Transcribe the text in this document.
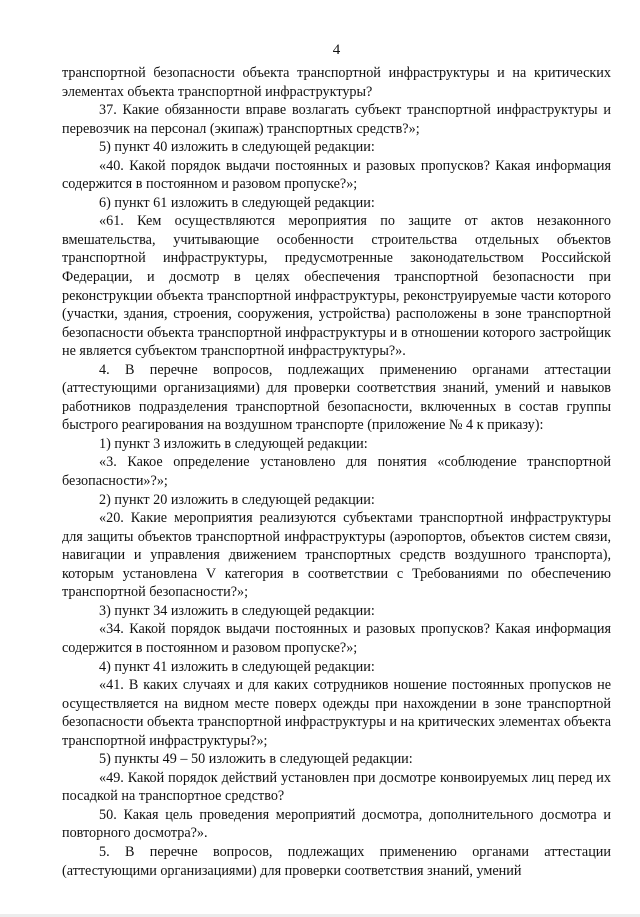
4

транспортной безопасности объекта транспортной инфраструктуры и на критических элементах объекта транспортной инфраструктуры?

37. Какие обязанности вправе возлагать субъект транспортной инфраструктуры и перевозчик на персонал (экипаж) транспортных средств?»;

5) пункт 40 изложить в следующей редакции:

«40. Какой порядок выдачи постоянных и разовых пропусков? Какая информация содержится в постоянном и разовом пропуске?»;

6) пункт 61 изложить в следующей редакции:

«61. Кем осуществляются мероприятия по защите от актов незаконного вмешательства, учитывающие особенности строительства отдельных объектов транспортной инфраструктуры, предусмотренные законодательством Российской Федерации, и досмотр в целях обеспечения транспортной безопасности при реконструкции объекта транспортной инфраструктуры, реконструируемые части которого (участки, здания, строения, сооружения, устройства) расположены в зоне транспортной безопасности объекта транспортной инфраструктуры и в отношении которого застройщик не является субъектом транспортной инфраструктуры?».

4. В перечне вопросов, подлежащих применению органами аттестации (аттестующими организациями) для проверки соответствия знаний, умений и навыков работников подразделения транспортной безопасности, включенных в состав группы быстрого реагирования на воздушном транспорте (приложение № 4 к приказу):

1) пункт 3 изложить в следующей редакции:

«3. Какое определение установлено для понятия «соблюдение транспортной безопасности»?»;

2) пункт 20 изложить в следующей редакции:

«20. Какие мероприятия реализуются субъектами транспортной инфраструктуры для защиты объектов транспортной инфраструктуры (аэропортов, объектов систем связи, навигации и управления движением транспортных средств воздушного транспорта), которым установлена V категория в соответствии с Требованиями по обеспечению транспортной безопасности?»;

3) пункт 34 изложить в следующей редакции:

«34. Какой порядок выдачи постоянных и разовых пропусков? Какая информация содержится в постоянном и разовом пропуске?»;

4) пункт 41 изложить в следующей редакции:

«41. В каких случаях и для каких сотрудников ношение постоянных пропусков не осуществляется на видном месте поверх одежды при нахождении в зоне транспортной безопасности объекта транспортной инфраструктуры и на критических элементах объекта транспортной инфраструктуры?»;

5) пункты 49 – 50 изложить в следующей редакции:

«49. Какой порядок действий установлен при досмотре конвоируемых лиц перед их посадкой на транспортное средство?

50. Какая цель проведения мероприятий досмотра, дополнительного досмотра и повторного досмотра?».

5. В перечне вопросов, подлежащих применению органами аттестации (аттестующими организациями) для проверки соответствия знаний, умений
